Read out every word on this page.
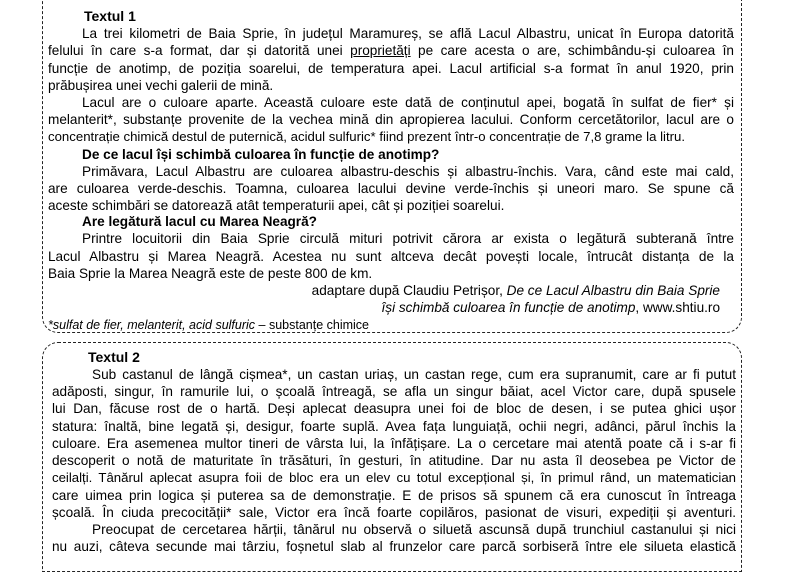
Textul 1
La trei kilometri de Baia Sprie, în județul Maramureș, se află Lacul Albastru, unicat în Europa datorită
felului în care s-a format, dar și datorită unei proprietăți pe care acesta o are, schimbându-și culoarea în
funcție de anotimp, de poziția soarelui, de temperatura apei. Lacul artificial s-a format în anul 1920, prin
prăbușirea unei vechi galerii de mină.
Lacul are o culoare aparte. Această culoare este dată de conținutul apei, bogată în sulfat de fier* și
melanterit*, substanțe provenite de la vechea mină din apropierea lacului. Conform cercetătorilor, lacul are o
concentrație chimică destul de puternică, acidul sulfuric* fiind prezent într-o concentrație de 7,8 grame la litru.
De ce lacul își schimbă culoarea în funcție de anotimp?
Primăvara, Lacul Albastru are culoarea albastru-deschis și albastru-închis. Vara, când este mai cald,
are culoarea verde-deschis. Toamna, culoarea lacului devine verde-închis și uneori maro. Se spune că
aceste schimbări se datorează atât temperaturii apei, cât și poziției soarelui.
Are legătură lacul cu Marea Neagră?
Printre locuitorii din Baia Sprie circulă mituri potrivit cărora ar exista o legătură subterană între
Lacul Albastru și Marea Neagră. Acestea nu sunt altceva decât povești locale, întrucât distanța de la
Baia Sprie la Marea Neagră este de peste 800 de km.
adaptare după Claudiu Petrișor, De ce Lacul Albastru din Baia Sprie
își schimbă culoarea în funcție de anotimp, www.shtiu.ro
*sulfat de fier, melanterit, acid sulfuric – substanțe chimice
Textul 2
Sub castanul de lângă cișmea*, un castan uriaș, un castan rege, cum era supranumit, care ar fi putut
adăposti, singur, în ramurile lui, o școală întreagă, se afla un singur băiat, acel Victor care, după spusele
lui Dan, făcuse rost de o hartă. Deși aplecat deasupra unei foi de bloc de desen, i se putea ghici ușor
statura: înaltă, bine legată și, desigur, foarte suplă. Avea fața lunguiață, ochii negri, adânci, părul închis la
culoare. Era asemenea multor tineri de vârsta lui, la înfățișare. La o cercetare mai atentă poate că i s-ar fi
descoperit o notă de maturitate în trăsături, în gesturi, în atitudine. Dar nu asta îl deosebea pe Victor de
ceilalți. Tânărul aplecat asupra foii de bloc era un elev cu totul excepțional și, în primul rând, un matematician
care uimea prin logica și puterea sa de demonstrație. E de prisos să spunem că era cunoscut în întreaga
școală. În ciuda precocității* sale, Victor era încă foarte copilăros, pasionat de visuri, expediții și aventuri.
Preocupat de cercetarea hărții, tânărul nu observă o siluetă ascunsă după trunchiul castanului și nici
nu auzi, câteva secunde mai târziu, foșnetul slab al frunzelor care parcă sorbiseră între ele silueta elastică
